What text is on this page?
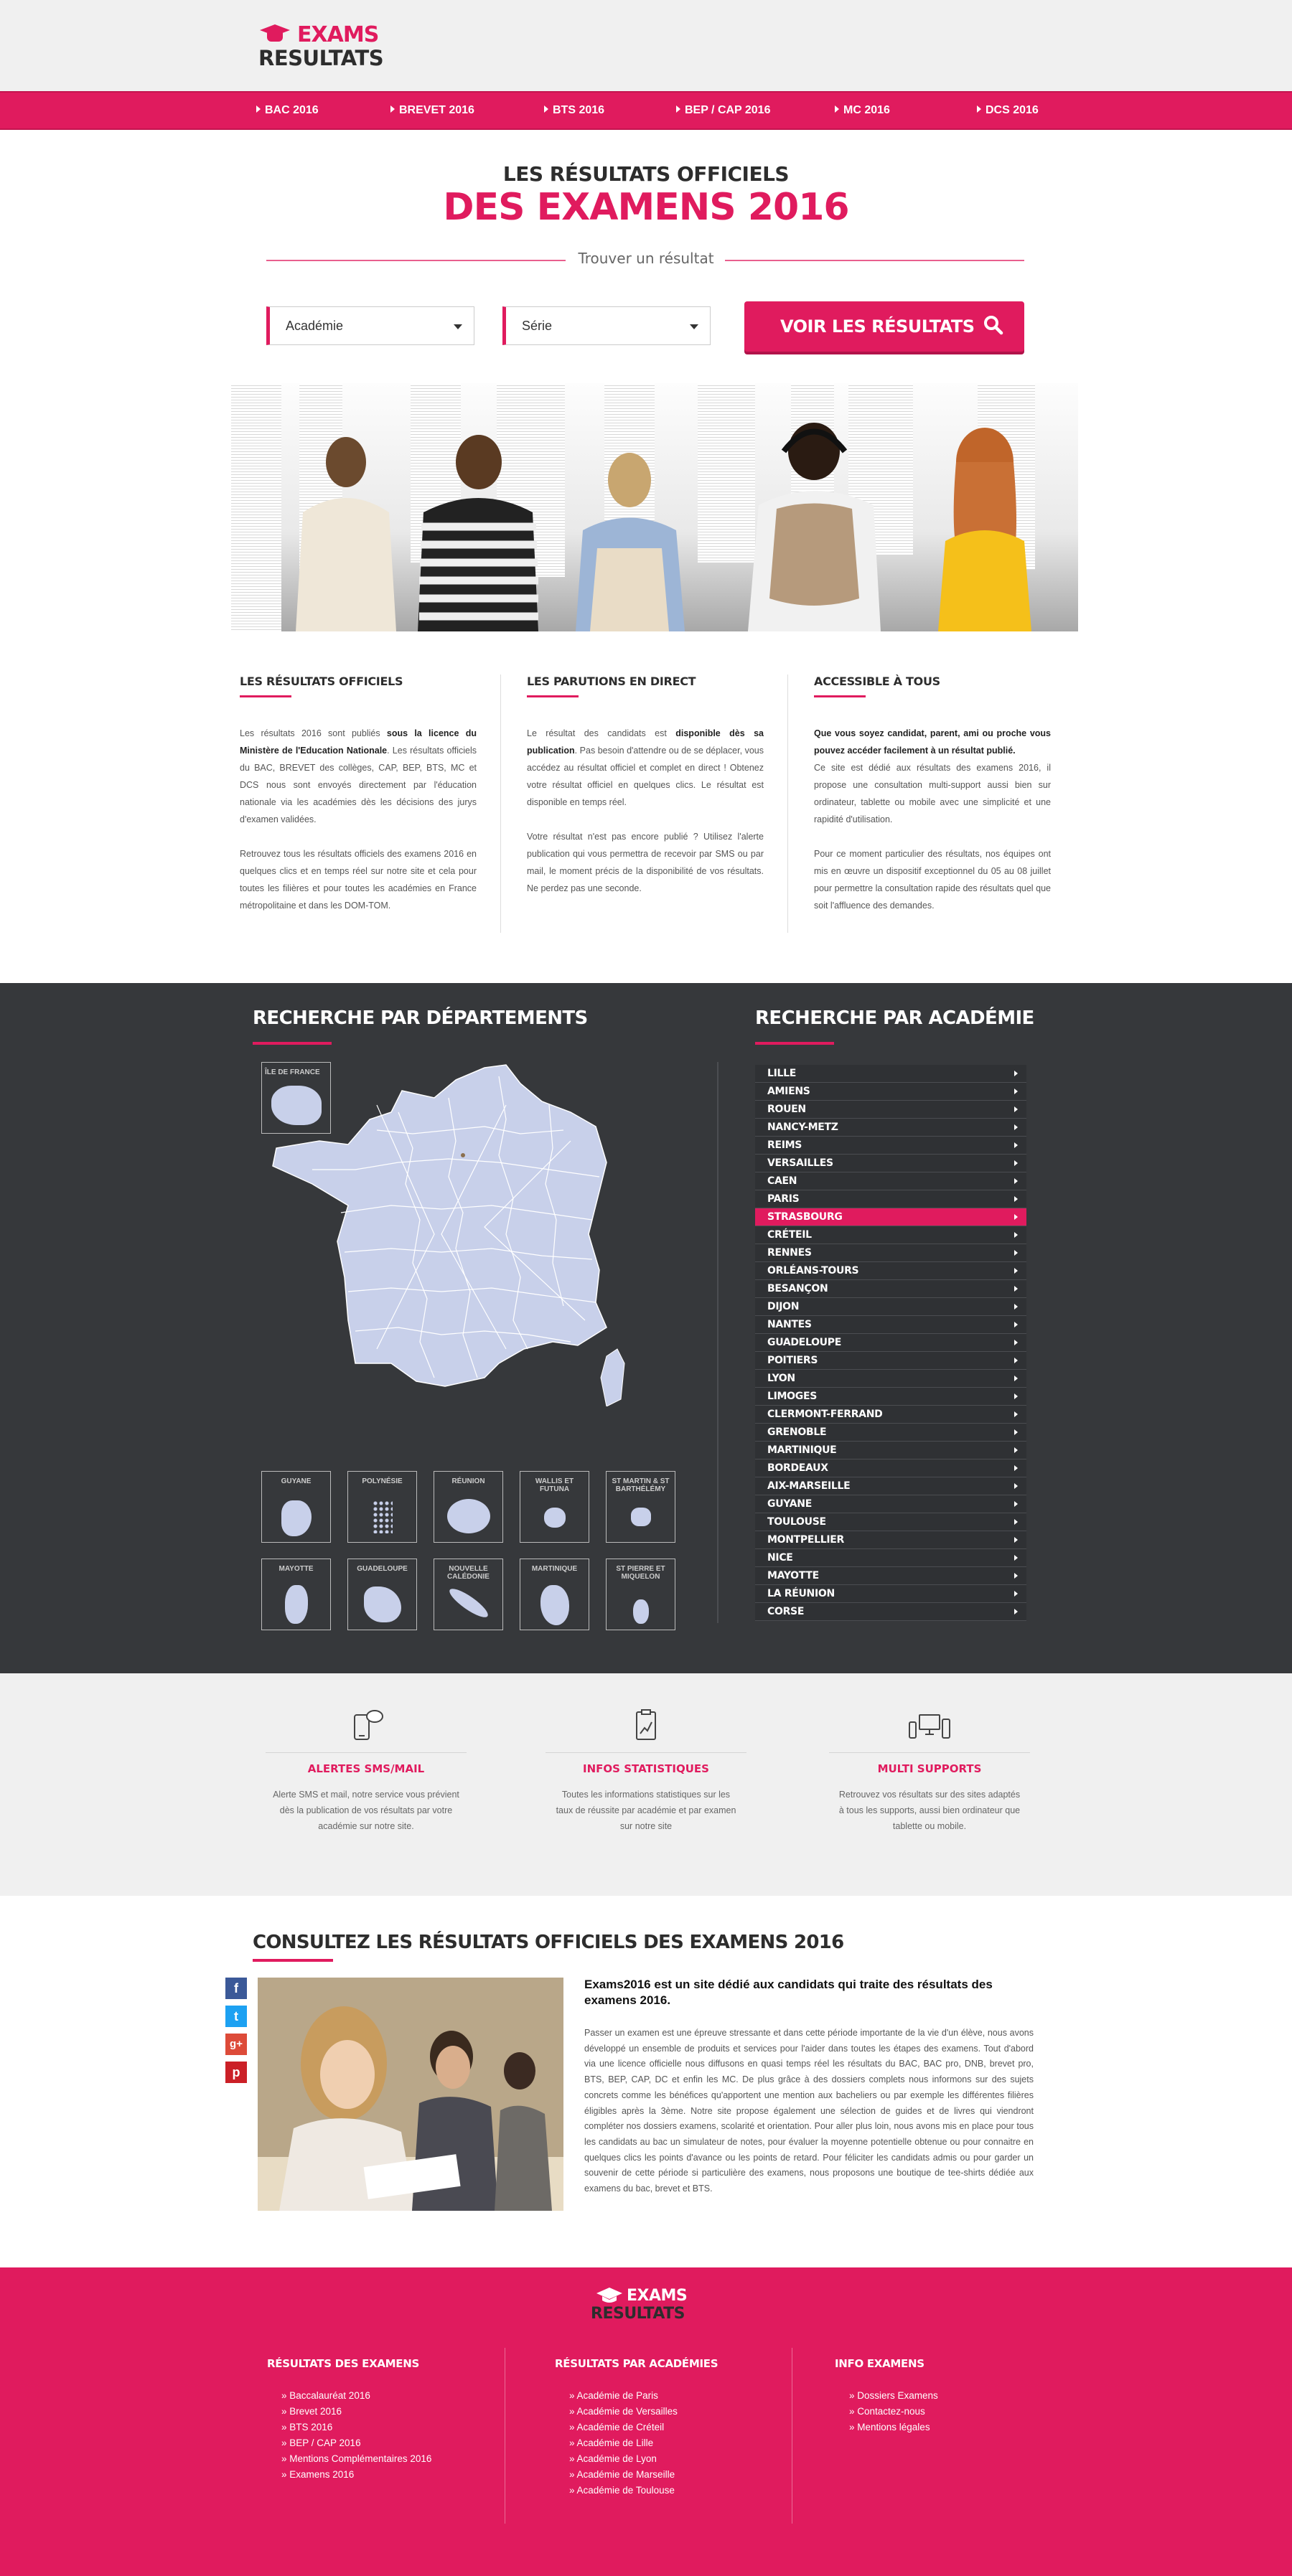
EXAMS
RESULTATS
BAC 2016	BREVET 2016	BTS 2016	BEP / CAP 2016	MC 2016	DCS 2016
LES RÉSULTATS OFFICIELS
DES EXAMENS 2016
Trouver un résultat
Académie	Série	VOIR LES RÉSULTATS
LES RÉSULTATS OFFICIELS

Les résultats 2016 sont publiés sous la licence du Ministère de l'Education Nationale. Les résultats officiels du BAC, BREVET des collèges, CAP, BEP, BTS, MC et DCS nous sont envoyés directement par l'éducation nationale via les académies dès les décisions des jurys d'examen validées.

Retrouvez tous les résultats officiels des examens 2016 en quelques clics et en temps réel sur notre site et cela pour toutes les filières et pour toutes les académies en France métropolitaine et dans les DOM-TOM.

LES PARUTIONS EN DIRECT

Le résultat des candidats est disponible dès sa publication. Pas besoin d'attendre ou de se déplacer, vous accédez au résultat officiel et complet en direct ! Obtenez votre résultat officiel en quelques clics. Le résultat est disponible en temps réel.

Votre résultat n'est pas encore publié ? Utilisez l'alerte publication qui vous permettra de recevoir par SMS ou par mail, le moment précis de la disponibilité de vos résultats. Ne perdez pas une seconde.

ACCESSIBLE À TOUS

Que vous soyez candidat, parent, ami ou proche vous pouvez accéder facilement à un résultat publié.
Ce site est dédié aux résultats des examens 2016, il propose une consultation multi-support aussi bien sur ordinateur, tablette ou mobile avec une simplicité et une rapidité d'utilisation.

Pour ce moment particulier des résultats, nos équipes ont mis en œuvre un dispositif exceptionnel du 05 au 08 juillet pour permettre la consultation rapide des résultats quel que soit l'affluence des demandes.

RECHERCHE PAR DÉPARTEMENTS	RECHERCHE PAR ACADÉMIE
ÎLE DE FRANCE
GUYANE	POLYNÉSIE	RÉUNION	WALLIS ET FUTUNA
ST MARTIN & ST BARTHÉLÉMY
MAYOTTE	GUADELOUPE	NOUVELLE CALÉDONIE
MARTINIQUE	ST PIERRE ET MIQUELON
LILLE
AMIENS
ROUEN
NANCY-METZ
REIMS
VERSAILLES
CAEN
PARIS
STRASBOURG
CRÉTEIL
RENNES
ORLÉANS-TOURS
BESANÇON
DIJON
NANTES
GUADELOUPE
POITIERS
LYON
LIMOGES
CLERMONT-FERRAND
GRENOBLE
MARTINIQUE
BORDEAUX
AIX-MARSEILLE
GUYANE
TOULOUSE
MONTPELLIER
NICE
MAYOTTE
LA RÉUNION
CORSE
ALERTES SMS/MAIL
Alerte SMS et mail, notre service vous prévient dès la publication de vos résultats par votre académie sur notre site.
INFOS STATISTIQUES
Toutes les informations statistiques sur les taux de réussite par académie et par examen sur notre site
MULTI SUPPORTS
Retrouvez vos résultats sur des sites adaptés à tous les supports, aussi bien ordinateur que tablette ou mobile.
CONSULTEZ LES RÉSULTATS OFFICIELS DES EXAMENS 2016
f
t
g+
p
Exams2016 est un site dédié aux candidats qui traite des résultats des examens 2016.
Passer un examen est une épreuve stressante et dans cette période importante de la vie d'un élève, nous avons développé un ensemble de produits et services pour l'aider dans toutes les étapes des examens. Tout d'abord via une licence officielle nous diffusons en quasi temps réel les résultats du BAC, BAC pro, DNB, brevet pro, BTS, BEP, CAP, DC et enfin les MC. De plus grâce à des dossiers complets nous informons sur des sujets concrets comme les bénéfices qu'apportent une mention aux bacheliers ou par exemple les différentes filières éligibles après la 3ème. Notre site propose également une sélection de guides et de livres qui viendront compléter nos dossiers examens, scolarité et orientation. Pour aller plus loin, nous avons mis en place pour tous les candidats au bac un simulateur de notes, pour évaluer la moyenne potentielle obtenue ou pour connaitre en quelques clics les points d'avance ou les points de retard. Pour féliciter les candidats admis ou pour garder un souvenir de cette période si particulière des examens, nous proposons une boutique de tee-shirts dédiée aux examens du bac, brevet et BTS.
EXAMS
RESULTATS
RÉSULTATS DES EXAMENS
» Baccalauréat 2016
» Brevet 2016
» BTS 2016
» BEP / CAP 2016
» Mentions Complémentaires 2016
» Examens 2016
RÉSULTATS PAR ACADÉMIES
» Académie de Paris
» Académie de Versailles
» Académie de Créteil
» Académie de Lille
» Académie de Lyon
» Académie de Marseille
» Académie de Toulouse
INFO EXAMENS
» Dossiers Examens
» Contactez-nous
» Mentions légales
